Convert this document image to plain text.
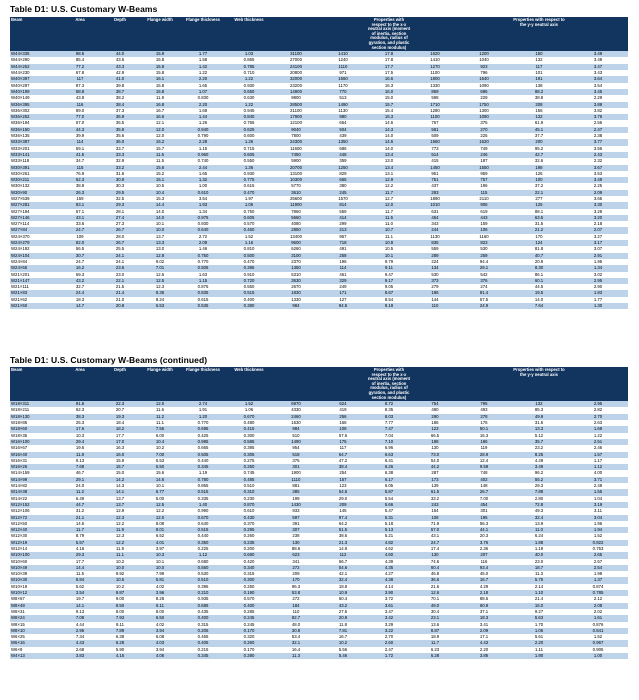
Table D1: U.S. Customary W-Beams
Beam	Area	Depth	Flange width	Flange thickness	Web thickness			Properties with respect to the x-x neutral axis (moment of inertia, section modulus, radius of gyration, and plastic section modulus)			Properties with respect to the y-y neutral axis	
W44×335	98.5	44.0	15.9	1.77	1.03	31100	1410	17.8	1620	1200	150	3.49
W44×290	85.4	43.6	15.8	1.58	0.865	27000	1240	17.8	1410	1040	132	3.49
W44×262	77.2	43.3	15.8	1.42	0.785	24100	1110	17.7	1270	923	117	3.47
W44×230	67.8	42.9	15.8	1.22	0.710	20800	971	17.5	1100	796	101	3.43
W40×397	117	41.0	16.1	2.20	1.22	32000	1560	16.6	1800	1540	191	3.64
W40×297	87.3	39.8	15.8	1.65	0.930	23200	1170	16.3	1330	1090	138	3.54
W40×199	58.8	38.7	15.8	1.07	0.650	14900	770	16.0	869	695	88.2	3.45
W40×149	43.8	38.2	11.8	0.830	0.630	9800	513	15.0	598	229	38.8	2.29
W36×395	116	38.4	16.8	2.20	1.22	28500	1490	15.7	1710	1750	208	3.88
W36×302	89.0	37.3	16.7	1.68	0.945	21100	1130	15.4	1280	1300	156	3.82
W36×262	77.0	36.9	16.6	1.44	0.840	17900	980	15.3	1100	1090	132	3.76
W36×194	57.0	36.5	12.1	1.26	0.765	12100	664	14.6	767	375	61.9	2.56
W36×150	44.3	35.9	12.0	0.940	0.625	9040	504	14.3	581	270	45.1	2.47
W36×135	39.9	35.6	12.0	0.790	0.600	7800	439	14.0	509	225	37.7	2.38
W33×387	114	36.0	16.2	2.28	1.26	24300	1350	14.6	1560	1620	200	3.77
W33×201	59.1	33.7	15.7	1.15	0.715	11600	686	14.0	773	749	95.2	3.56
W33×141	41.5	33.3	11.5	0.960	0.605	7450	448	13.4	514	246	42.7	2.43
W33×118	34.7	32.9	11.5	0.740	0.550	5900	359	13.0	415	187	32.6	2.32
W30×391	115	33.2	15.6	2.44	1.36	20700	1250	13.4	1450	1550	198	3.67
W30×261	76.9	31.6	15.2	1.65	0.930	13100	829	13.1	951	959	126	3.53
W30×211	62.3	30.9	15.1	1.32	0.775	10300	665	12.9	751	757	100	3.49
W30×132	38.8	30.3	10.5	1.00	0.615	5770	380	12.2	437	196	37.2	2.25
W30×90	26.3	29.5	10.4	0.610	0.470	3610	245	11.7	283	115	22.1	2.09
W27×539	159	32.5	15.3	3.54	1.97	25600	1570	12.7	1890	2110	277	3.65
W27×281	83.1	29.3	14.4	1.93	1.06	11900	814	12.0	1010	906	125	3.30
W27×194	57.1	28.1	14.0	1.34	0.750	7860	559	11.7	631	619	88.1	3.29
W27×146	43.1	27.4	14.0	0.975	0.605	5660	414	11.5	464	443	63.5	3.20
W27×114	33.6	27.3	10.1	0.930	0.570	4080	299	11.0	343	159	31.5	2.18
W27×84	24.7	26.7	10.0	0.640	0.460	2850	213	10.7	244	106	21.2	2.07
W24×370	109	28.0	13.7	2.72	1.52	13400	957	11.1	1130	1160	170	3.27
W24×279	82.0	26.7	13.3	2.09	1.16	9600	718	10.8	835	823	124	3.17
W24×192	56.5	25.5	13.0	1.46	0.810	6260	491	10.5	559	530	81.8	3.07
W24×104	30.7	24.1	12.8	0.750	0.500	3100	258	10.1	289	259	40.7	2.91
W24×84	24.7	24.1	9.02	0.770	0.470	2370	196	9.79	224	94.4	20.9	1.95
W24×55	16.2	23.6	7.01	0.505	0.395	1350	114	9.11	134	29.1	8.30	1.34
W21×201	59.3	23.0	12.6	1.63	0.910	5310	461	9.47	530	542	86.1	3.02
W21×147	43.2	22.1	12.5	1.15	0.720	3630	329	9.17	373	376	60.1	2.95
W21×111	32.7	21.5	12.3	0.875	0.550	2670	249	9.05	279	274	44.5	2.90
W21×83	24.4	21.4	8.36	0.835	0.515	1830	171	8.67	196	81.4	19.5	1.83
W21×62	18.3	21.0	8.24	0.615	0.400	1330	127	8.54	144	57.5	14.0	1.77
W21×50	14.7	20.8	6.53	0.535	0.380	984	94.5	8.18	110	24.9	7.64	1.30
Table D1: U.S. Customary W-Beams (continued)
Beam	Area	Depth	Flange width	Flange thickness	Web thickness			Properties with respect to the x-x neutral axis (moment of inertia, section modulus, radius of gyration, and plastic section modulus)			Properties with respect to the y-y neutral axis	
W18×311	91.6	22.3	12.0	2.74	1.52	6970	624	8.72	754	795	132	2.95
W18×211	62.3	20.7	11.6	1.91	1.06	4330	419	8.35	490	493	85.3	2.82
W18×130	38.3	19.3	11.2	1.20	0.670	2460	256	8.03	290	278	49.9	2.70
W18×86	25.3	18.4	11.1	0.770	0.480	1530	166	7.77	186	175	31.6	2.63
W18×60	17.6	18.2	7.56	0.695	0.415	984	108	7.47	123	50.1	13.3	1.69
W18×35	10.3	17.7	6.00	0.425	0.300	510	57.6	7.04	66.5	15.3	5.12	1.22
W16×100	29.4	17.0	10.4	0.985	0.585	1490	175	7.10	198	186	35.7	2.51
W16×67	19.6	16.3	10.2	0.665	0.395	954	117	6.96	130	119	23.2	2.46
W16×40	11.8	16.0	7.00	0.505	0.305	518	64.7	6.63	73.0	28.9	8.25	1.57
W16×31	9.13	15.9	5.53	0.440	0.275	375	47.2	6.41	54.0	12.4	4.49	1.17
W16×26	7.68	15.7	5.50	0.345	0.250	301	38.4	6.26	44.2	9.59	3.49	1.12
W14×159	46.7	15.0	15.6	1.19	0.745	1900	254	6.38	287	748	96.2	4.00
W14×99	29.1	14.2	14.6	0.780	0.485	1110	157	6.17	173	402	55.2	3.71
W14×82	24.0	14.3	10.1	0.855	0.510	881	123	6.05	139	148	29.3	2.48
W14×38	11.2	14.1	6.77	0.515	0.310	385	54.6	5.87	61.5	26.7	7.88	1.55
W14×22	6.49	13.7	5.00	0.335	0.230	199	29.0	5.54	33.2	7.00	2.80	1.04
W12×152	44.7	13.7	12.5	1.40	0.870	1430	209	5.66	243	454	72.8	3.19
W12×106	31.2	12.9	12.2	0.990	0.610	933	145	5.47	164	301	49.3	3.11
W12×72	21.1	12.3	12.0	0.670	0.430	597	97.4	5.31	108	195	32.4	3.04
W12×50	14.6	12.2	8.08	0.640	0.370	391	64.2	5.18	71.9	56.3	13.9	1.96
W12×40	11.7	11.9	8.01	0.515	0.295	307	51.5	5.13	57.0	44.1	11.0	1.94
W12×30	8.79	12.3	6.52	0.440	0.260	238	38.6	5.21	43.1	20.3	6.24	1.52
W12×19	5.57	12.2	4.01	0.350	0.235	130	21.3	4.82	24.7	3.76	1.88	0.822
W12×14	4.16	11.9	3.97	0.225	0.200	88.6	14.9	4.62	17.4	2.36	1.19	0.753
W10×100	29.3	11.1	10.3	1.12	0.680	623	112	4.60	130	207	40.0	2.65
W10×60	17.7	10.2	10.1	0.680	0.420	341	66.7	4.39	74.6	116	23.0	2.57
W10×49	14.4	10.0	10.0	0.560	0.340	272	54.6	4.35	60.4	93.4	18.7	2.54
W10×39	11.5	9.92	7.99	0.530	0.315	209	42.1	4.27	46.8	45.0	11.3	1.98
W10×30	8.84	10.5	5.81	0.510	0.300	170	32.4	4.38	36.6	16.7	5.75	1.37
W10×19	5.62	10.2	4.02	0.395	0.250	96.3	18.8	4.14	21.6	4.29	2.14	0.874
W10×12	3.54	9.87	3.96	0.210	0.190	53.8	10.9	3.90	12.6	2.18	1.10	0.785
W8×67	19.7	9.00	8.28	0.935	0.570	272	60.4	3.72	70.1	88.6	21.4	2.12
W8×48	14.1	8.50	8.11	0.685	0.400	184	43.2	3.61	49.0	60.9	15.0	2.08
W8×31	9.13	8.00	8.00	0.435	0.285	110	27.5	3.47	30.4	37.1	9.27	2.02
W8×24	7.08	7.93	6.50	0.400	0.245	82.7	20.9	3.42	23.1	18.3	5.63	1.61
W8×15	4.44	8.11	4.02	0.315	0.245	48.0	11.8	3.29	13.6	3.41	1.70	0.876
W8×10	2.96	7.89	3.94	0.205	0.170	30.8	7.81	3.22	8.87	2.09	1.06	0.841
W6×25	7.34	6.38	6.08	0.455	0.320	53.4	16.7	2.70	18.9	17.1	5.61	1.52
W6×16	4.43	6.28	4.03	0.405	0.260	32.1	10.2	2.60	11.7	4.43	2.20	0.967
W6×9	2.68	5.90	3.94	0.215	0.170	16.4	5.56	2.47	6.23	2.20	1.11	0.905
W4×13	3.83	4.16	4.06	0.345	0.280	11.3	5.46	1.72	6.28	3.86	1.90	1.00
